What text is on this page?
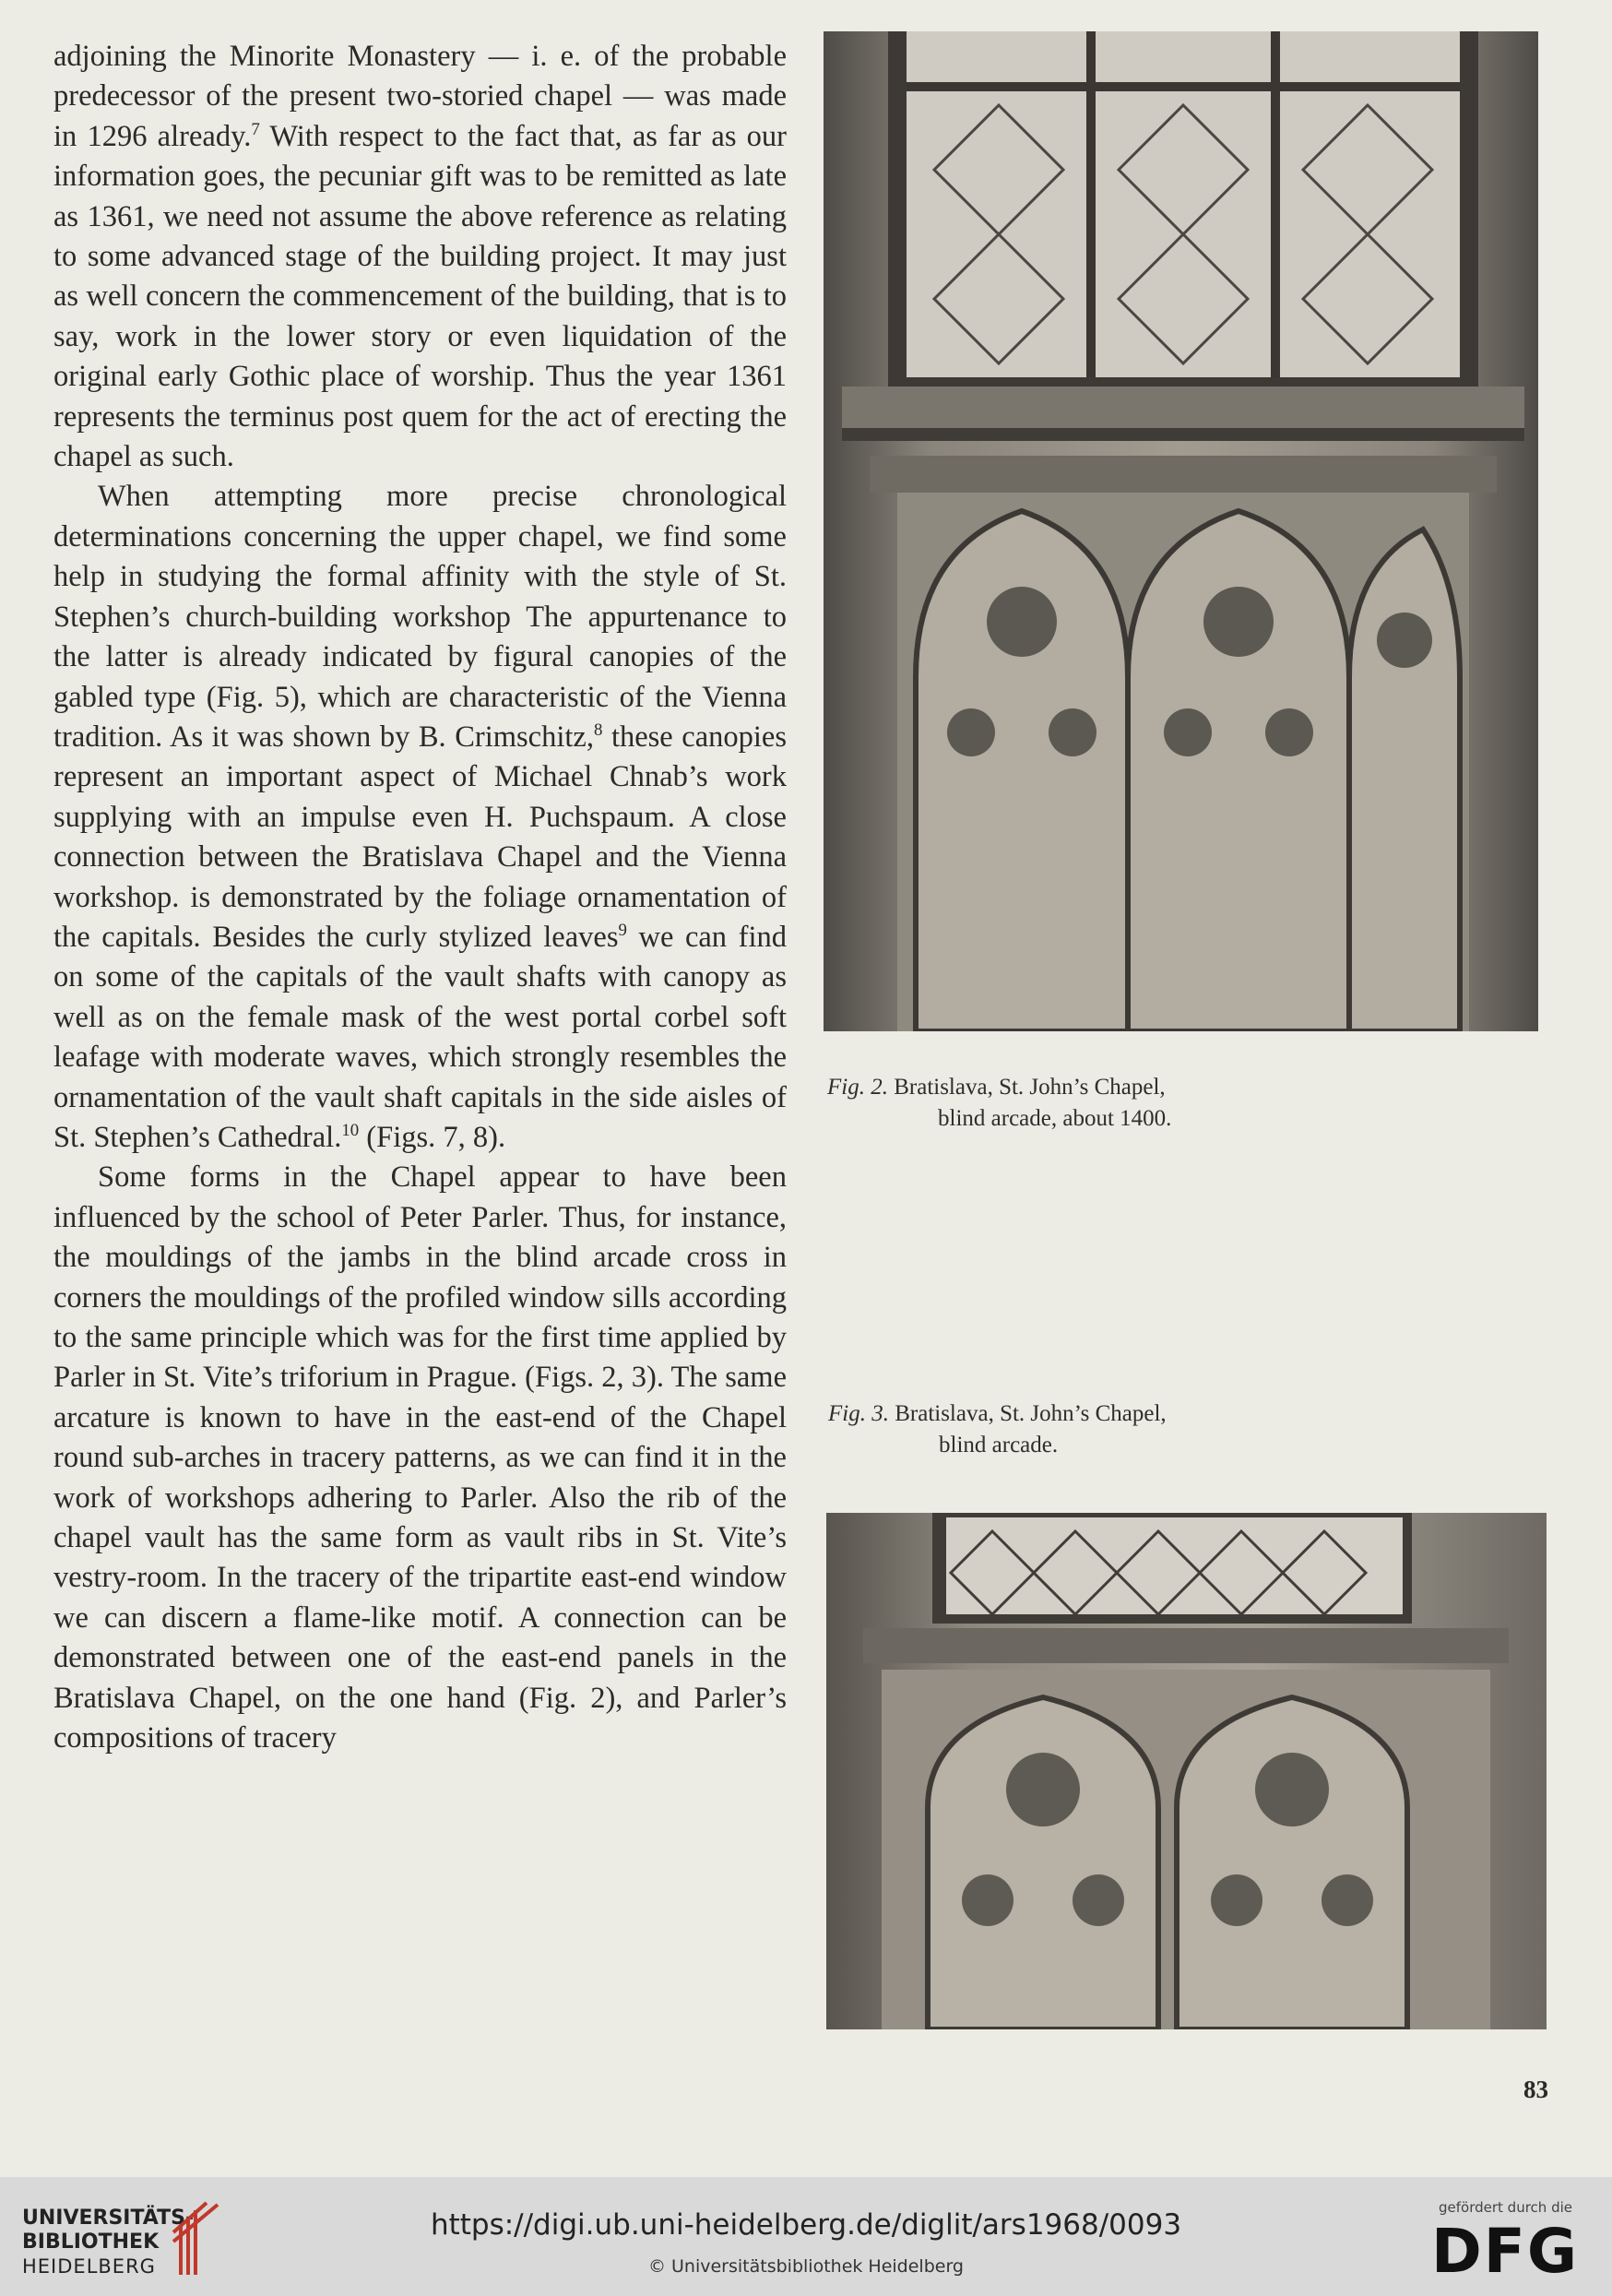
adjoining the Minorite Monastery — i. e. of the probable predecessor of the present two-storied chapel — was made in 1296 already.$^7$ With respect to the fact that, as far as our information goes, the pecuniar gift was to be remitted as late as 1361, we need not assume the above reference as relating to some advanced stage of the building project. It may just as well concern the commencement of the building, that is to say, work in the lower story or even liquidation of the original early Gothic place of worship. Thus the year 1361 represents the terminus post quem for the act of erecting the chapel as such.

When attempting more precise chronological determinations concerning the upper chapel, we find some help in studying the formal affinity with the style of St. Stephen’s church-building workshop The appurtenance to the latter is already indicated by figural canopies of the gabled type (Fig. 5), which are characteristic of the Vienna tradition. As it was shown by B. Crimschitz,$^8$ these canopies represent an important aspect of Michael Chnab’s work supplying with an impulse even H. Puchspaum. A close connection between the Bratislava Chapel and the Vienna workshop. is demonstrated by the foliage ornamentation of the capitals. Besides the curly stylized leaves$^9$ we can find on some of the capitals of the vault shafts with canopy as well as on the female mask of the west portal corbel soft leafage with moderate waves, which strongly resembles the ornamentation of the vault shaft capitals in the side aisles of St. Stephen’s Cathedral.$^{10}$ (Figs. 7, 8).

Some forms in the Chapel appear to have been influenced by the school of Peter Parler. Thus, for instance, the mouldings of the jambs in the blind arcade cross in corners the mouldings of the profiled window sills according to the same principle which was for the first time applied by Parler in St. Vite’s triforium in Prague. (Figs. 2, 3). The same arcature is known to have in the east-end of the Chapel round sub-arches in tracery patterns, as we can find it in the work of workshops adhering to Parler. Also the rib of the chapel vault has the same form as vault ribs in St. Vite’s vestry-room. In the tracery of the tripartite east-end window we can discern a flame-like motif. A connection can be demonstrated between one of the east-end panels in the Bratislava Chapel, on the one hand (Fig. 2), and Parler’s compositions of tracery

Fig. 2. Bratislava, St. John’s Chapel,
blind arcade, about 1400.
Fig. 3. Bratislava, St. John’s Chapel,
blind arcade.
83
UNIVERSITÄTS-
BIBLIOTHEK
HEIDELBERG
https://digi.ub.uni-heidelberg.de/diglit/ars1968/0093
© Universitätsbibliothek Heidelberg
gefördert durch die
DFG
